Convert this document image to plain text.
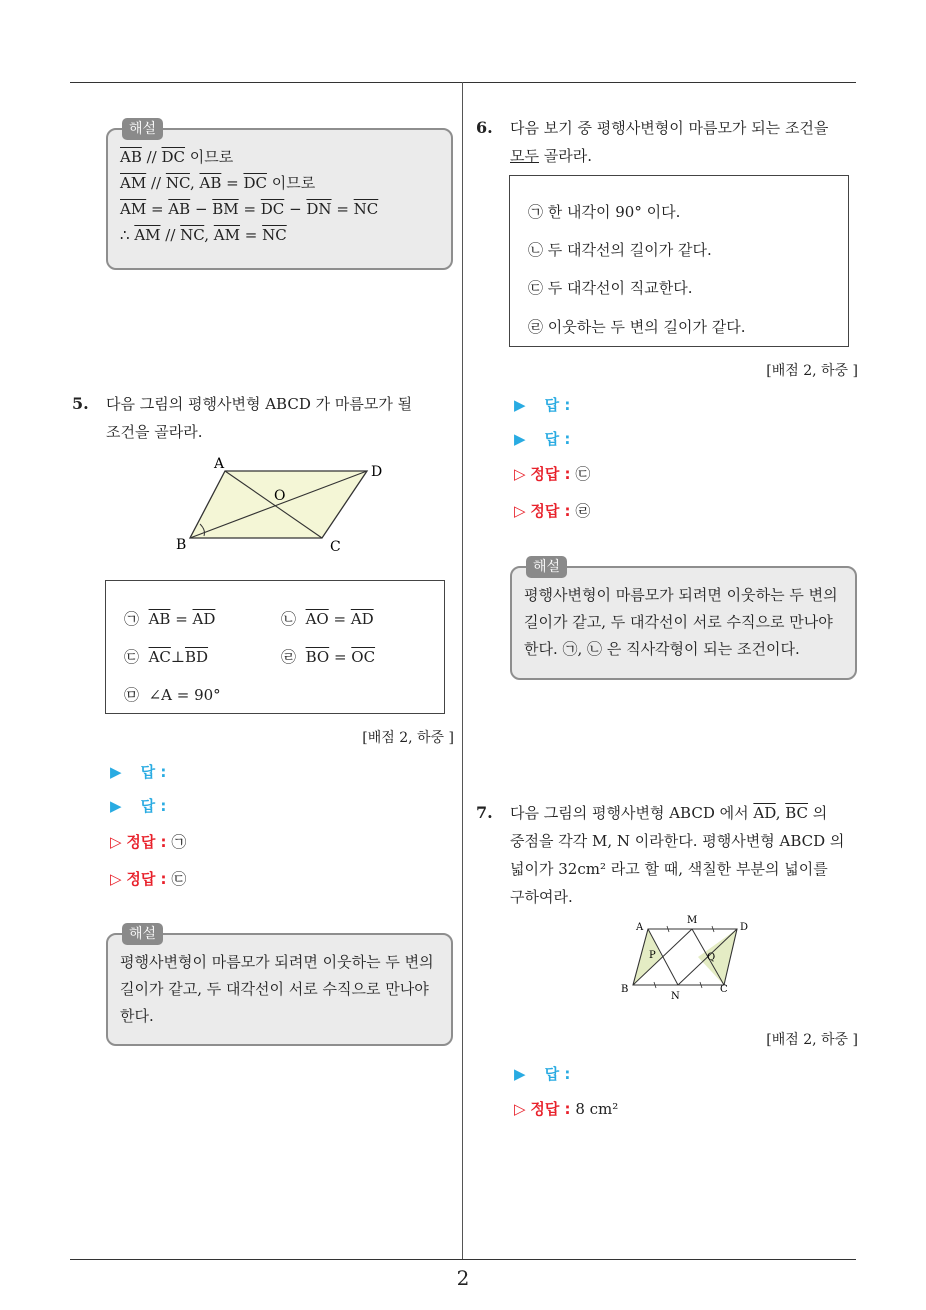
해설
$\overline{AB} // \overline{DC}$ 이므로
$\overline{AM} // \overline{NC}$, $\overline{AB} = \overline{DC}$ 이므로
$\overline{AM} = \overline{AB} - \overline{BM} = \overline{DC} - \overline{DN} = \overline{NC}$
∴ $\overline{AM} // \overline{NC}$, $\overline{AM} = \overline{NC}$
5. 다음 그림의 평행사변형 ABCD 가 마름모가 될
조건을 골라라.
A	D
B	C
O
㉠ $\overline{AB} = \overline{AD}$	㉡ $\overline{AO} = \overline{AD}$
㉢ $\overline{AC}\perp\overline{BD}$	㉣ $\overline{BO} = \overline{OC}$
㉤ ∠A = 90°
[배점 2, 하중 ]
▶ 답 :
▶ 답 :
▷ 정답 : ㉠
▷ 정답 : ㉢
해설
평행사변형이 마름모가 되려면 이웃하는 두 변의
길이가 같고, 두 대각선이 서로 수직으로 만나야
한다.
6. 다음 보기 중 평행사변형이 마름모가 되는 조건을
모두 골라라.
㉠ 한 내각이 90° 이다.
㉡ 두 대각선의 길이가 같다.
㉢ 두 대각선이 직교한다.
㉣ 이웃하는 두 변의 길이가 같다.
[배점 2, 하중 ]
▶ 답 :
▶ 답 :
▷ 정답 : ㉢
▷ 정답 : ㉣
해설
평행사변형이 마름모가 되려면 이웃하는 두 변의
길이가 같고, 두 대각선이 서로 수직으로 만나야
한다. ㉠, ㉡ 은 직사각형이 되는 조건이다.
7. 다음 그림의 평행사변형 ABCD 에서 $\overline{AD}$, $\overline{BC}$ 의
중점을 각각 M, N 이라한다. 평행사변형 ABCD 의
넓이가 32cm² 라고 할 때, 색칠한 부분의 넓이를
구하여라.
A
M
D
P	Q
B
N
C
[배점 2, 하중 ]
▶ 답 :
▷ 정답 : 8 cm²
2
